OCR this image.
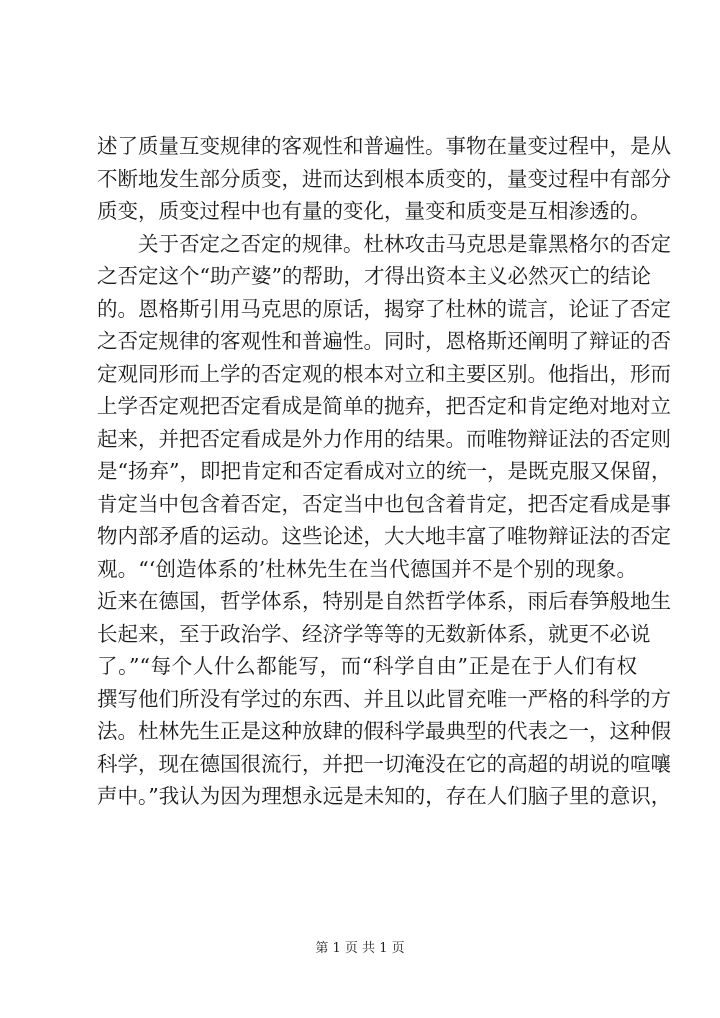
述了质量互变规律的客观性和普遍性。事物在量变过程中，是从
不断地发生部分质变，进而达到根本质变的，量变过程中有部分
质变，质变过程中也有量的变化，量变和质变是互相渗透的。
关于否定之否定的规律。杜林攻击马克思是靠黑格尔的否定
之否定这个“助产婆”的帮助，才得出资本主义必然灭亡的结论
的。恩格斯引用马克思的原话，揭穿了杜林的谎言，论证了否定
之否定规律的客观性和普遍性。同时，恩格斯还阐明了辩证的否
定观同形而上学的否定观的根本对立和主要区别。他指出，形而
上学否定观把否定看成是简单的抛弃，把否定和肯定绝对地对立
起来，并把否定看成是外力作用的结果。而唯物辩证法的否定则
是“扬弃”，即把肯定和否定看成对立的统一，是既克服又保留，
肯定当中包含着否定，否定当中也包含着肯定，把否定看成是事
物内部矛盾的运动。这些论述，大大地丰富了唯物辩证法的否定
观。“‘创造体系的’杜林先生在当代德国并不是个别的现象。
近来在德国，哲学体系，特别是自然哲学体系，雨后春笋般地生
长起来，至于政治学、经济学等等的无数新体系，就更不必说
了。”“每个人什么都能写，而“科学自由”正是在于人们有权
撰写他们所没有学过的东西、并且以此冒充唯一严格的科学的方
法。杜林先生正是这种放肆的假科学最典型的代表之一，这种假
科学，现在德国很流行，并把一切淹没在它的高超的胡说的喧嚷
声中。”我认为因为理想永远是未知的，存在人们脑子里的意识，
第 1 页 共 1 页
